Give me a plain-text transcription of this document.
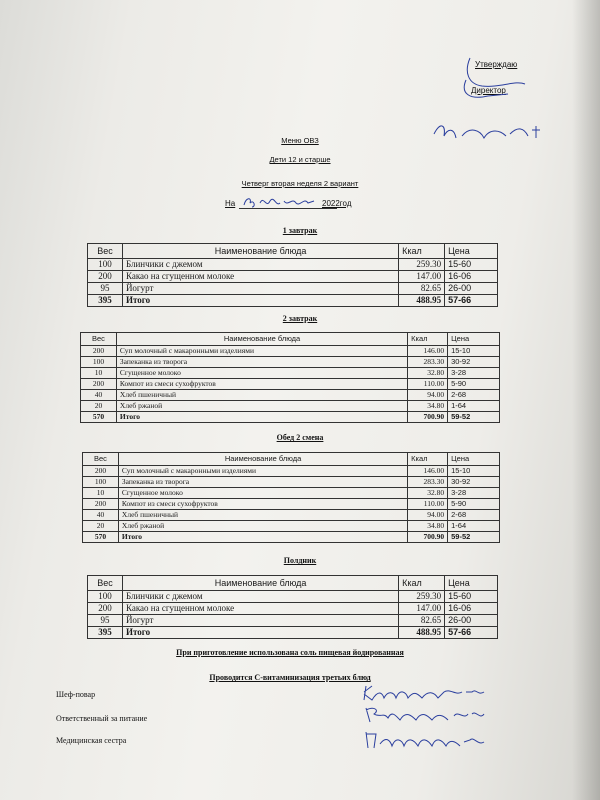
Утверждаю
Директор
Меню ОВЗ
Дети 12 и старше
Четверг вторая неделя 2 вариант
На	2022год
1 завтрак
Вес	Наименование блюда	Ккал	Цена
100	Блинчики с джемом	259.30	15-60
200	Какао на сгущенном молоке	147.00	16-06
95	Йогурт	82.65	26-00
395	Итого	488.95	57-66
2 завтрак
Вес	Наименование блюда	Ккал	Цена
200	Суп молочный с макаронными изделиями	146.00	15-10
100	Запеканка из творога	283.30	30-92
10	Сгущенное молоко	32.80	3-28
200	Компот из смеси сухофруктов	110.00	5-90
40	Хлеб пшеничный	94.00	2-68
20	Хлеб ржаной	34.80	1-64
570	Итого	700.90	59-52
Обед 2 смена
Вес	Наименование блюда	Ккал	Цена
200	Суп молочный с макаронными изделиями	146.00	15-10
100	Запеканка из творога	283.30	30-92
10	Сгущенное молоко	32.80	3-28
200	Компот из смеси сухофруктов	110.00	5-90
40	Хлеб пшеничный	94.00	2-68
20	Хлеб ржаной	34.80	1-64
570	Итого	700.90	59-52
Полдник
Вес	Наименование блюда	Ккал	Цена
100	Блинчики с джемом	259.30	15-60
200	Какао на сгущенном молоке	147.00	16-06
95	Йогурт	82.65	26-00
395	Итого	488.95	57-66
При приготовление использована соль пищевая йодированная
Проводится С-витаминизация третьих блюд
Шеф-повар
Ответственный за питание
Медицинская сестра
